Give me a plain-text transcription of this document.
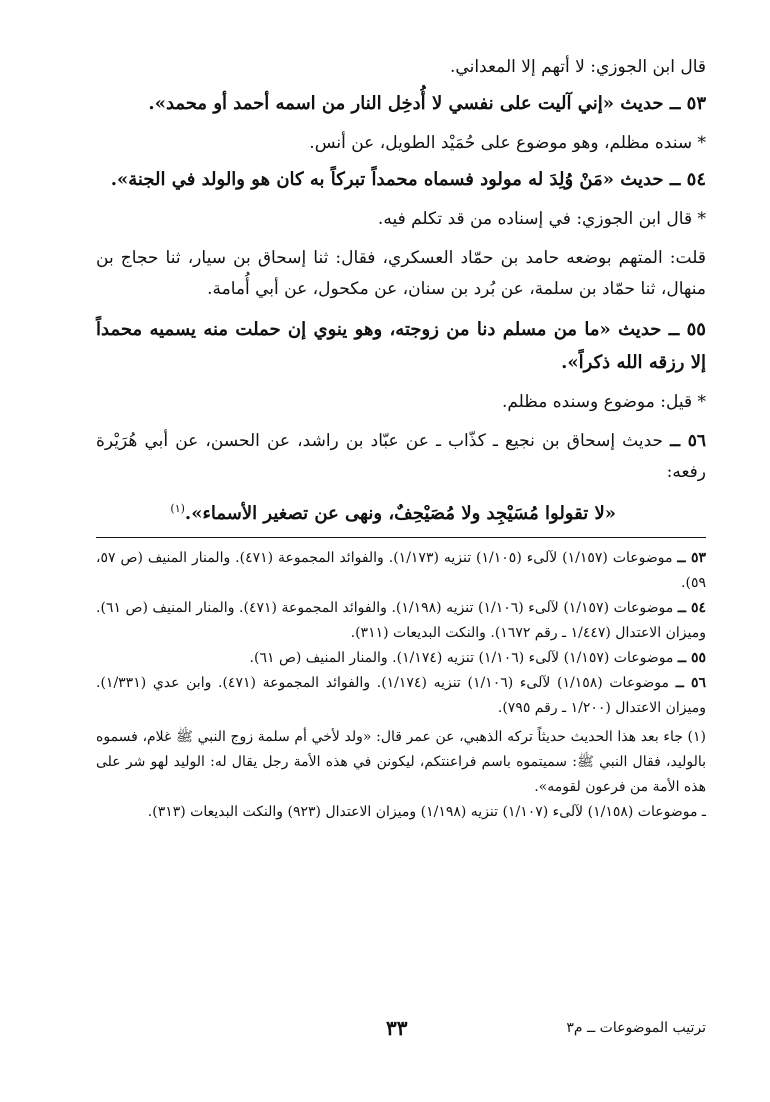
قال ابن الجوزي: لا أتهم إلا المعداني.
٥٣ ــ حديث «إني آليت على نفسي لا أُدخِل النار من اسمه أحمد أو محمد».
* سنده مظلم، وهو موضوع على حُمَيْد الطويل، عن أنس.
٥٤ ــ حديث «مَنْ وُلِدَ له مولود فسماه محمداً تبركاً به كان هو والولد في الجنة».
* قال ابن الجوزي: في إسناده من قد تكلم فيه.
قلت: المتهم بوضعه حامد بن حمّاد العسكري، فقال: ثنا إسحاق بن سيار، ثنا حجاج بن منهال، ثنا حمّاد بن سلمة، عن بُرد بن سنان، عن مكحول، عن أبي أُمامة.
٥٥ ــ حديث «ما من مسلم دنا من زوجته، وهو ينوي إن حملت منه يسميه محمداً إلا رزقه الله ذكراً».
* قيل: موضوع وسنده مظلم.
٥٦ ــ حديث إسحاق بن نجيع ـ كذّاب ـ عن عبّاد بن راشد، عن الحسن، عن أبي هُرَيْرة رفعه:
«لا تقولوا مُسَيْجِد ولا مُصَيْحِفٌ، ونهى عن تصغير الأسماء».$^{(١)}$
٥٣ ــ موضوعات (١/١٥٧) لآلىء (١/١٠٥) تنزيه (١/١٧٣). والفوائد المجموعة (٤٧١). والمنار المنيف (ص ٥٧، ٥٩).
٥٤ ــ موضوعات (١/١٥٧) لآلىء (١/١٠٦) تنزيه (١/١٩٨). والفوائد المجموعة (٤٧١). والمنار المنيف (ص ٦١). وميزان الاعتدال (١/٤٤٧ ـ رقم ١٦٧٢). والنكت البديعات (٣١١).
٥٥ ــ موضوعات (١/١٥٧) لآلىء (١/١٠٦) تنزيه (١/١٧٤). والمنار المنيف (ص ٦١).
٥٦ ــ موضوعات (١/١٥٨) لآلىء (١/١٠٦) تنزيه (١/١٧٤). والفوائد المجموعة (٤٧١). وابن عدي (١/٣٣١). وميزان الاعتدال (١/٢٠٠ ـ رقم ٧٩٥).
(١) جاء بعد هذا الحديث حديثاً تركه الذهبي، عن عمر قال: «ولد لأخي أم سلمة زوج النبي ﷺ غلام، فسموه بالوليد، فقال النبي ﷺ: سميتموه باسم فراعنتكم، ليكونن في هذه الأمة رجل يقال له: الوليد لهو شر على هذه الأمة من فرعون لقومه».
ـ موضوعات (١/١٥٨) لآلىء (١/١٠٧) تنزيه (١/١٩٨) وميزان الاعتدال (٩٢٣) والنكت البديعات (٣١٣).
ترتيب الموضوعات ــ م٣
٣٣
